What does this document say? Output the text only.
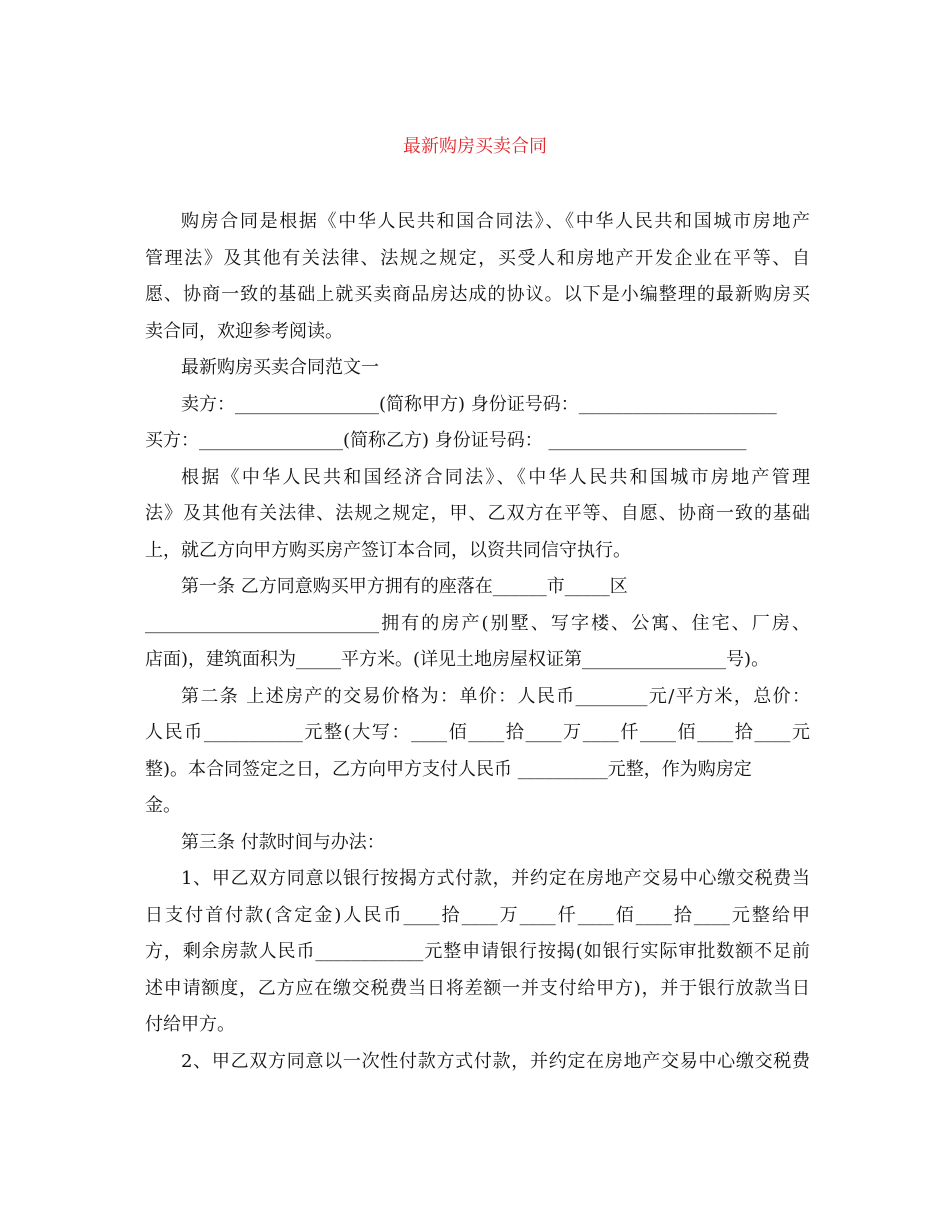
最新购房买卖合同
购房合同是根据《中华人民共和国合同法》、《中华人民共和国城市房地产
管理法》及其他有关法律、法规之规定，买受人和房地产开发企业在平等、自
愿、协商一致的基础上就买卖商品房达成的协议。以下是小编整理的最新购房买
卖合同，欢迎参考阅读。
最新购房买卖合同范文一
卖方：________________(简称甲方) 身份证号码：______________________
买方：________________(简称乙方) 身份证号码： ______________________
根据《中华人民共和国经济合同法》、《中华人民共和国城市房地产管理
法》及其他有关法律、法规之规定，甲、乙双方在平等、自愿、协商一致的基础
上，就乙方向甲方购买房产签订本合同，以资共同信守执行。
第一条 乙方同意购买甲方拥有的座落在______市_____区
__________________________拥有的房产(别墅、写字楼、公寓、住宅、厂房、
店面)，建筑面积为_____平方米。(详见土地房屋权证第________________号)。
第二条 上述房产的交易价格为：单价：人民币________元/平方米，总价：
人民币___________元整(大写：____佰____拾____万____仟____佰____拾____元
整)。本合同签定之日，乙方向甲方支付人民币 __________元整，作为购房定
金。
第三条 付款时间与办法：
1、甲乙双方同意以银行按揭方式付款，并约定在房地产交易中心缴交税费当
日支付首付款(含定金)人民币____拾____万____仟____佰____拾____元整给甲
方，剩余房款人民币____________元整申请银行按揭(如银行实际审批数额不足前
述申请额度，乙方应在缴交税费当日将差额一并支付给甲方)，并于银行放款当日
付给甲方。
2、甲乙双方同意以一次性付款方式付款，并约定在房地产交易中心缴交税费
